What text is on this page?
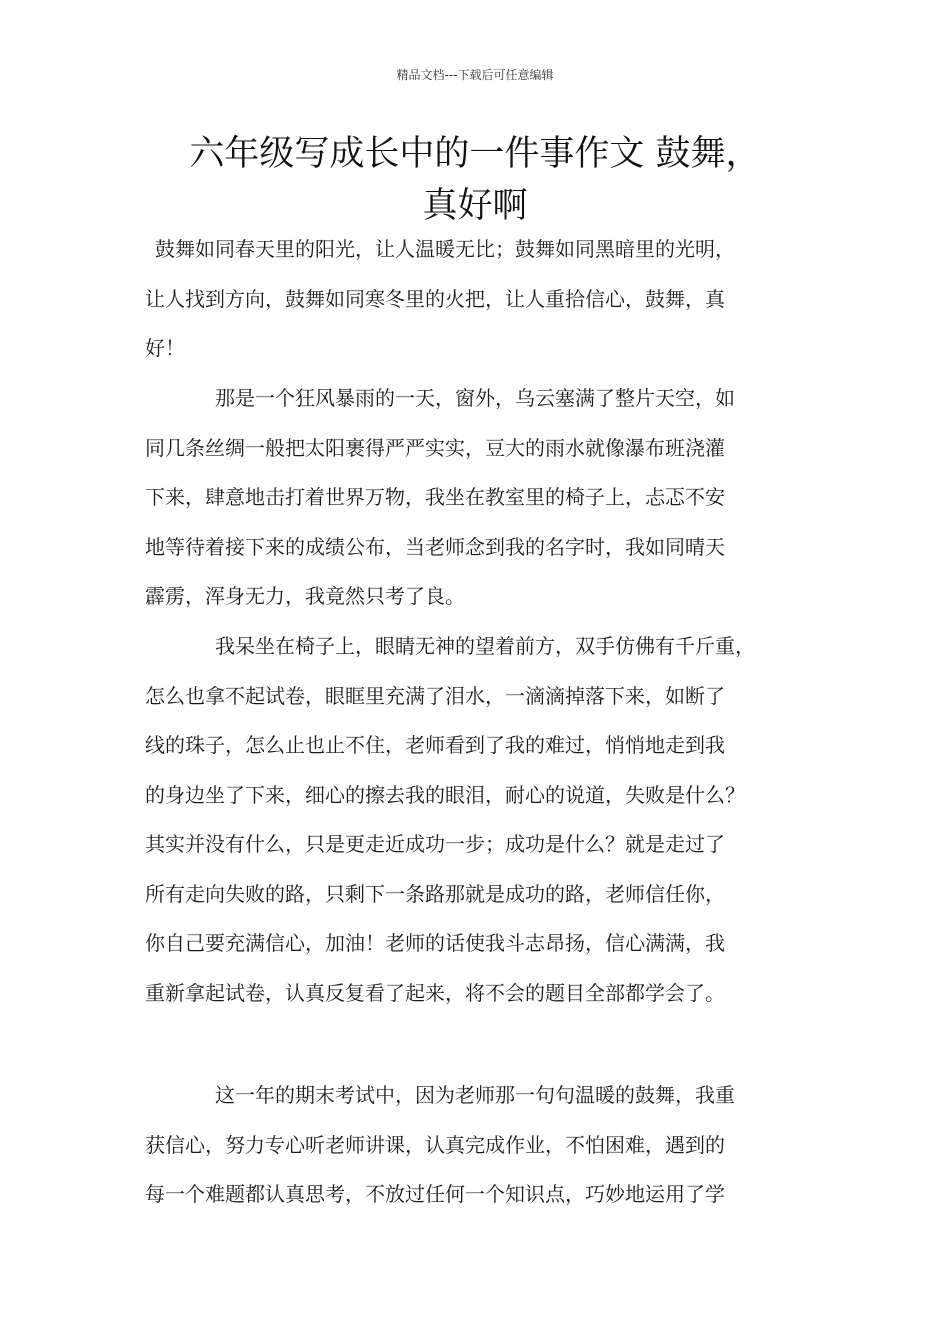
精品文档---下载后可任意编辑
六年级写成长中的一件事作文 鼓舞，
真好啊
鼓舞如同春天里的阳光，让人温暖无比；鼓舞如同黑暗里的光明，
让人找到方向，鼓舞如同寒冬里的火把，让人重拾信心，鼓舞，真
好！
那是一个狂风暴雨的一天，窗外，乌云塞满了整片天空，如
同几条丝绸一般把太阳裹得严严实实，豆大的雨水就像瀑布班浇灌
下来，肆意地击打着世界万物，我坐在教室里的椅子上，忐忑不安
地等待着接下来的成绩公布，当老师念到我的名字时，我如同晴天
霹雳，浑身无力，我竟然只考了良。
我呆坐在椅子上，眼睛无神的望着前方，双手仿佛有千斤重，
怎么也拿不起试卷，眼眶里充满了泪水，一滴滴掉落下来，如断了
线的珠子，怎么止也止不住，老师看到了我的难过，悄悄地走到我
的身边坐了下来，细心的擦去我的眼泪，耐心的说道，失败是什么？
其实并没有什么，只是更走近成功一步；成功是什么？就是走过了
所有走向失败的路，只剩下一条路那就是成功的路，老师信任你，
你自己要充满信心，加油！老师的话使我斗志昂扬，信心满满，我
重新拿起试卷，认真反复看了起来，将不会的题目全部都学会了。
这一年的期末考试中，因为老师那一句句温暖的鼓舞，我重
获信心，努力专心听老师讲课，认真完成作业，不怕困难，遇到的
每一个难题都认真思考，不放过任何一个知识点，巧妙地运用了学
